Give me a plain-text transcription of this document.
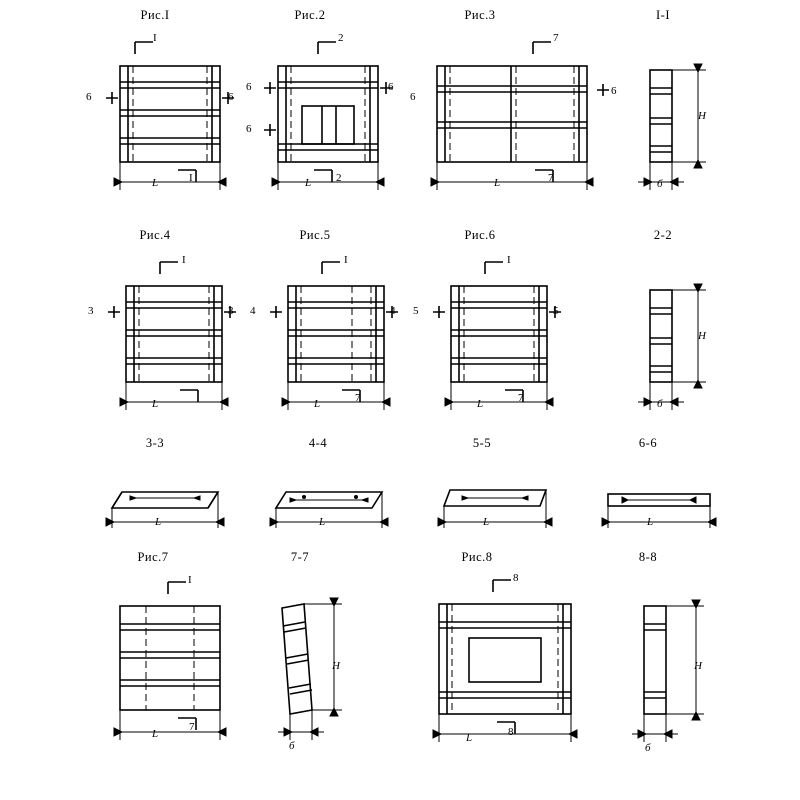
Рис.I	Рис.2	Рис.3	I-I
I
6	6
I
L
2
6	6
6
2
L
7
6	6
7
L
H
б
Рис.4	Рис.5	Рис.6	2-2
I
3	3
L
I
4	4
7
L
I
5	5
7
L
H
б
3-3	4-4	5-5	6-6
L	L	L	L
Рис.7	7-7	Рис.8	8-8
I
7
L
H
б
8
8
L
H
б
